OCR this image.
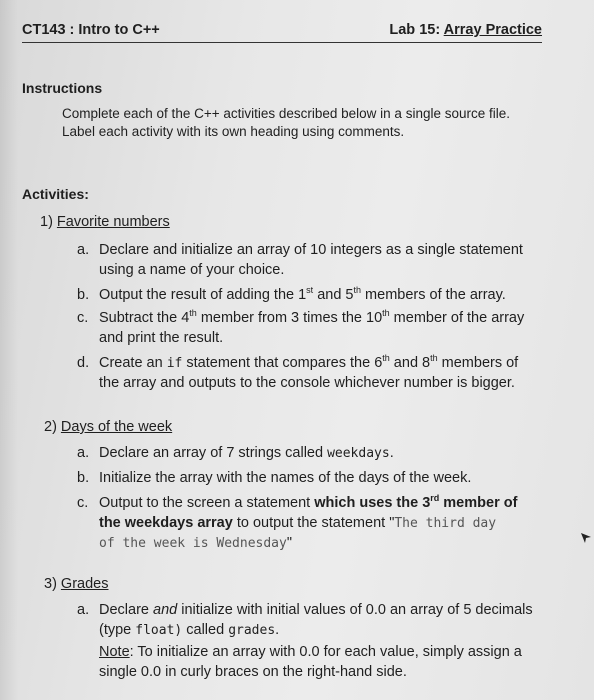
CT143 : Intro to C++	Lab 15: Array Practice
Instructions
Complete each of the C++ activities described below in a single source file.
Label each activity with its own heading using comments.
Activities:
1) Favorite numbers
a. Declare and initialize an array of 10 integers as a single statement
using a name of your choice.
b. Output the result of adding the 1st and 5th members of the array.
c. Subtract the 4th member from 3 times the 10th member of the array
and print the result.
d. Create an if statement that compares the 6th and 8th members of
the array and outputs to the console whichever number is bigger.
2) Days of the week
a. Declare an array of 7 strings called weekdays.
b. Initialize the array with the names of the days of the week.
c. Output to the screen a statement which uses the 3rd member of
the weekdays array to output the statement "The third day
of the week is Wednesday"
3) Grades
a. Declare and initialize with initial values of 0.0 an array of 5 decimals
(type float) called grades.
Note: To initialize an array with 0.0 for each value, simply assign a
single 0.0 in curly braces on the right-hand side.
